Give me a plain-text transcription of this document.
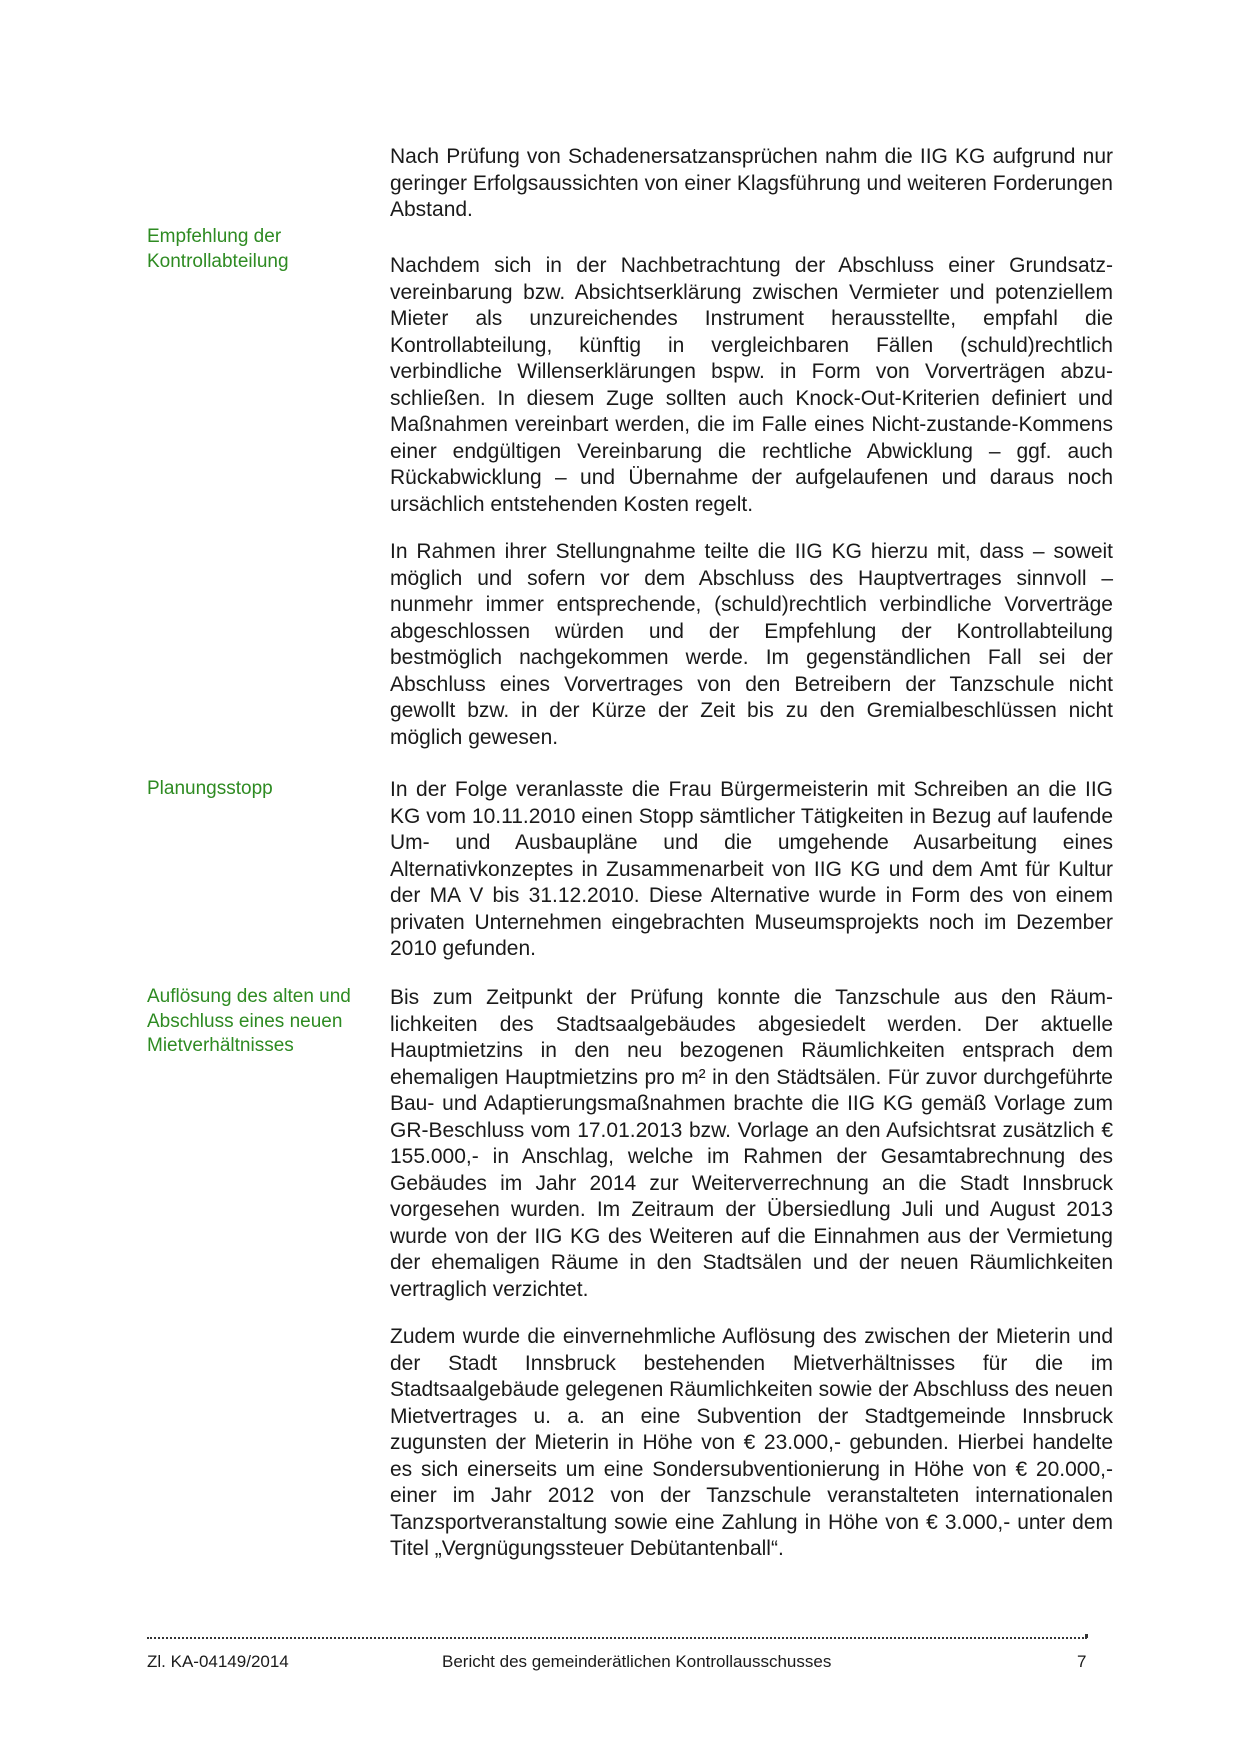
Nach Prüfung von Schadenersatzansprüchen nahm die IIG KG aufgrund nur geringer Erfolgsaussichten von einer Klagsführung und weiteren Forderungen Abstand.

Empfehlung der Kontrollabteilung	Nachdem sich in der Nachbetrachtung der Abschluss einer Grundsatzvereinbarung bzw. Absichtserklärung zwischen Vermieter und potenziellem Mieter als unzureichendes Instrument herausstellte, empfahl die Kontrollabteilung, künftig in vergleichbaren Fällen (schuld)rechtlich verbindliche Willenserklärungen bspw. in Form von Vorverträgen abzuschließen. In diesem Zuge sollten auch Knock-Out-Kriterien definiert und Maßnahmen vereinbart werden, die im Falle eines Nicht-zustande-Kommens einer endgültigen Vereinbarung die rechtliche Abwicklung – ggf. auch Rückabwicklung – und Übernahme der aufgelaufenen und daraus noch ursächlich entstehenden Kosten regelt.

In Rahmen ihrer Stellungnahme teilte die IIG KG hierzu mit, dass – soweit möglich und sofern vor dem Abschluss des Hauptvertrages sinnvoll – nunmehr immer entsprechende, (schuld)rechtlich verbindliche Vorverträge abgeschlossen würden und der Empfehlung der Kontrollabteilung bestmöglich nachgekommen werde. Im gegenständlichen Fall sei der Abschluss eines Vorvertrages von den Betreibern der Tanzschule nicht gewollt bzw. in der Kürze der Zeit bis zu den Gremialbeschlüssen nicht möglich gewesen.

Planungsstopp	In der Folge veranlasste die Frau Bürgermeisterin mit Schreiben an die IIG KG vom 10.11.2010 einen Stopp sämtlicher Tätigkeiten in Bezug auf laufende Um- und Ausbaupläne und die umgehende Ausarbeitung eines Alternativkonzeptes in Zusammenarbeit von IIG KG und dem Amt für Kultur der MA V bis 31.12.2010. Diese Alternative wurde in Form des von einem privaten Unternehmen eingebrachten Museumsprojekts noch im Dezember 2010 gefunden.

Auflösung des alten und Abschluss eines neuen Mietverhältnisses

Bis zum Zeitpunkt der Prüfung konnte die Tanzschule aus den Räumlichkeiten des Stadtsaalgebäudes abgesiedelt werden. Der aktuelle Hauptmietzins in den neu bezogenen Räumlichkeiten entsprach dem ehemaligen Hauptmietzins pro m² in den Städtsälen. Für zuvor durchgeführte Bau- und Adaptierungsmaßnahmen brachte die IIG KG gemäß Vorlage zum GR-Beschluss vom 17.01.2013 bzw. Vorlage an den Aufsichtsrat zusätzlich € 155.000,- in Anschlag, welche im Rahmen der Gesamtabrechnung des Gebäudes im Jahr 2014 zur Weiterverrechnung an die Stadt Innsbruck vorgesehen wurden. Im Zeitraum der Übersiedlung Juli und August 2013 wurde von der IIG KG des Weiteren auf die Einnahmen aus der Vermietung der ehemaligen Räume in den Stadtsälen und der neuen Räumlichkeiten vertraglich verzichtet.

Zudem wurde die einvernehmliche Auflösung des zwischen der Mieterin und der Stadt Innsbruck bestehenden Mietverhältnisses für die im Stadtsaalgebäude gelegenen Räumlichkeiten sowie der Abschluss des neuen Mietvertrages u. a. an eine Subvention der Stadtgemeinde Innsbruck zugunsten der Mieterin in Höhe von € 23.000,- gebunden. Hierbei handelte es sich einerseits um eine Sondersubventionierung in Höhe von € 20.000,- einer im Jahr 2012 von der Tanzschule veranstalteten internationalen Tanzsportveranstaltung sowie eine Zahlung in Höhe von € 3.000,- unter dem Titel „Vergnügungssteuer Debütantenball“.

Zl. KA-04149/2014	Bericht des gemeinderätlichen Kontrollausschusses	7
